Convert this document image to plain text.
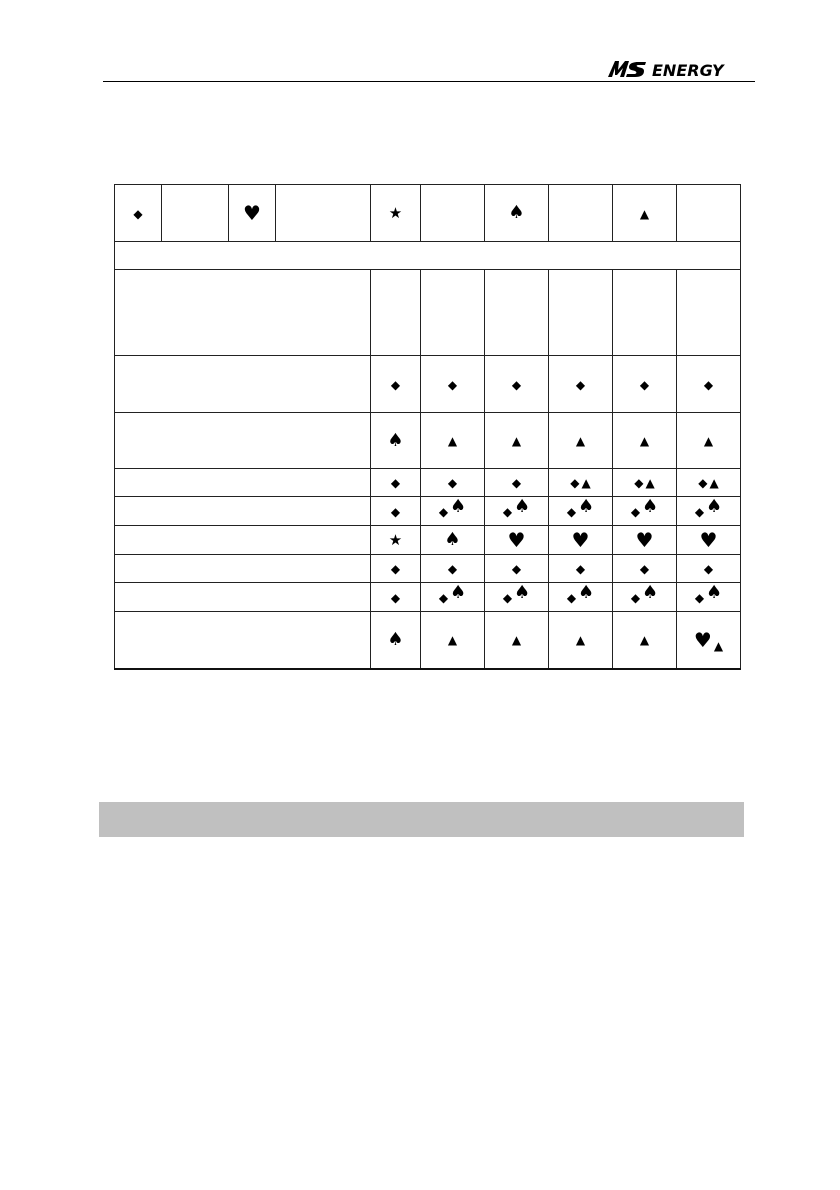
ENERGY
◆		♥		★		♠		▲	

				◆	◆	◆	◆	◆	◆
				♠	▲	▲	▲	▲	▲
				◆	◆	◆	◆ ▲	◆ ▲	◆ ▲
				◆	◆ ♠	◆ ♠	◆ ♠	◆ ♠	◆ ♠
				★	♠	♥	♥	♥	♥
				◆	◆	◆	◆	◆	◆
				◆	◆ ♠	◆ ♠	◆ ♠	◆ ♠	◆ ♠
				♠	▲	▲	▲	▲	♥ ▲
